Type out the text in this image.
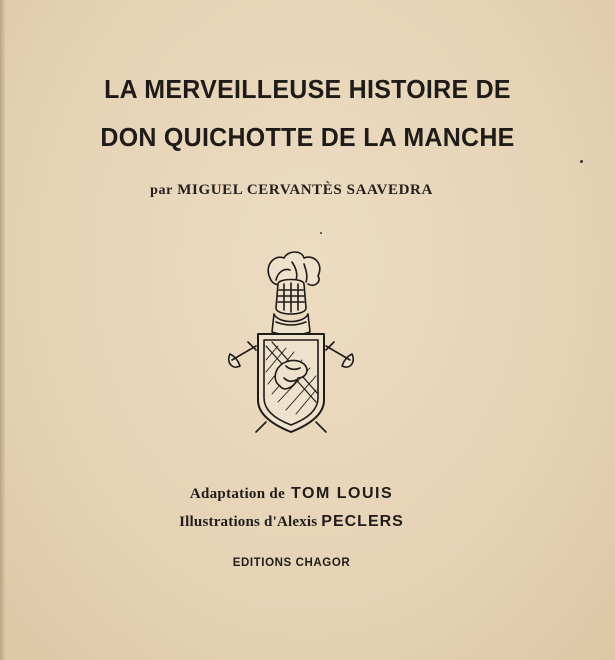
LA MERVEILLEUSE HISTOIRE DE
DON QUICHOTTE DE LA MANCHE
par MIGUEL CERVANTÈS SAAVEDRA
Adaptation de TOM LOUIS
Illustrations d'Alexis PECLERS
EDITIONS CHAGOR
